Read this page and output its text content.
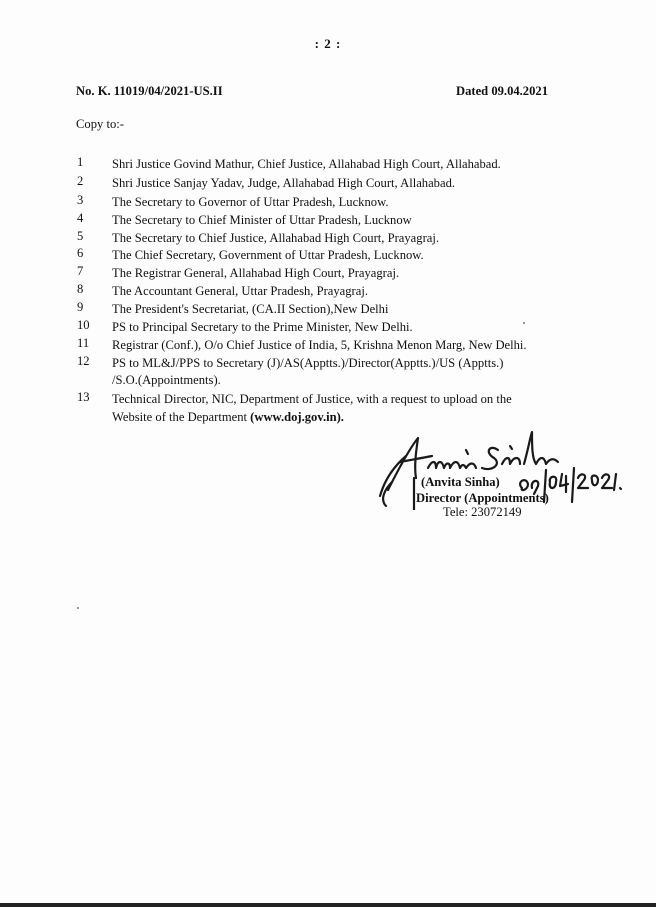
: 2 :
No. K. 11019/04/2021-US.II	Dated 09.04.2021
Copy to:-
1	Shri Justice Govind Mathur, Chief Justice, Allahabad High Court, Allahabad.
2	Shri Justice Sanjay Yadav, Judge, Allahabad High Court, Allahabad.
3	The Secretary to Governor of Uttar Pradesh, Lucknow.
4	The Secretary to Chief Minister of Uttar Pradesh, Lucknow
5	The Secretary to Chief Justice, Allahabad High Court, Prayagraj.
6	The Chief Secretary, Government of Uttar Pradesh, Lucknow.
7	The Registrar General, Allahabad High Court, Prayagraj.
8	The Accountant General, Uttar Pradesh, Prayagraj.
9	The President's Secretariat, (CA.II Section),New Delhi
10	PS to Principal Secretary to the Prime Minister, New Delhi.
11	Registrar (Conf.), O/o Chief Justice of India, 5, Krishna Menon Marg, New Delhi.
12	PS to ML&J/PPS to Secretary (J)/AS(Apptts.)/Director(Apptts.)/US (Apptts.)
/S.O.(Appointments).
13	Technical Director, NIC, Department of Justice, with a request to upload on the
Website of the Department (www.doj.gov.in).
(Anvita Sinha)
Director (Appointments)
Tele: 23072149
